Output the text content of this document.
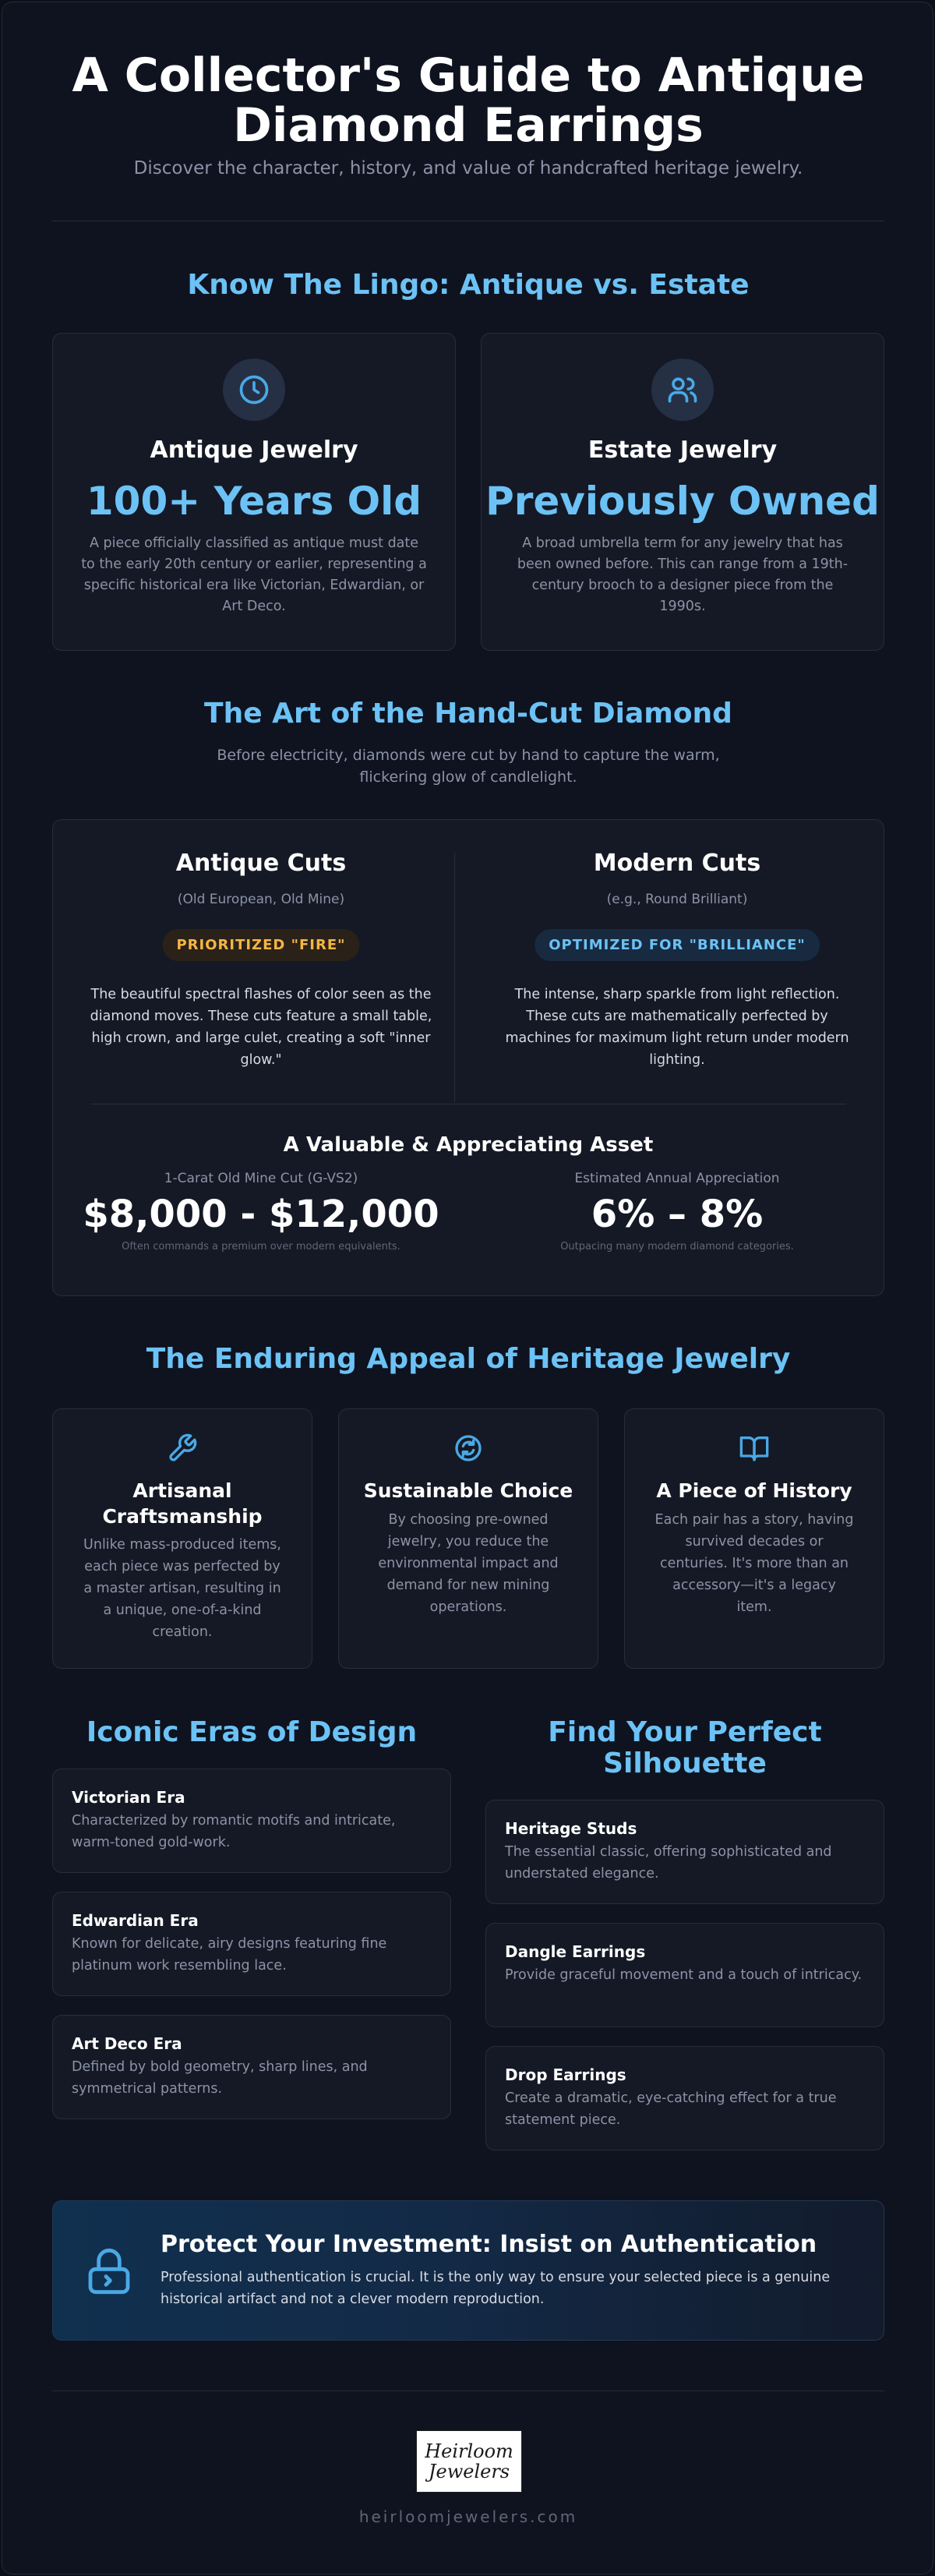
A Collector's Guide to Antique
Diamond Earrings
Discover the character, history, and value of handcrafted heritage jewelry.
Know The Lingo: Antique vs. Estate
Antique Jewelry
100+ Years Old
A piece officially classified as antique must date to the early 20th century or earlier, representing a specific historical era like Victorian, Edwardian, or Art Deco.
Estate Jewelry
Previously Owned
A broad umbrella term for any jewelry that has been owned before. This can range from a 19th-century brooch to a designer piece from the 1990s.
The Art of the Hand-Cut Diamond
Before electricity, diamonds were cut by hand to capture the warm,
flickering glow of candlelight.
Antique Cuts
(Old European, Old Mine)
PRIORITIZED "FIRE"
The beautiful spectral flashes of color seen as the diamond moves. These cuts feature a small table, high crown, and large culet, creating a soft "inner glow."
Modern Cuts
(e.g., Round Brilliant)
OPTIMIZED FOR "BRILLIANCE"
The intense, sharp sparkle from light reflection. These cuts are mathematically perfected by machines for maximum light return under modern lighting.
A Valuable & Appreciating Asset
1-Carat Old Mine Cut (G-VS2)
$8,000 - $12,000
Often commands a premium over modern equivalents.
Estimated Annual Appreciation
6% – 8%
Outpacing many modern diamond categories.
The Enduring Appeal of Heritage Jewelry
Artisanal
Craftsmanship
Unlike mass-produced items, each piece was perfected by a master artisan, resulting in a unique, one-of-a-kind creation.
Sustainable Choice
By choosing pre-owned jewelry, you reduce the environmental impact and demand for new mining operations.
A Piece of History
Each pair has a story, having survived decades or centuries. It's more than an accessory—it's a legacy item.
Iconic Eras of Design
Victorian Era
Characterized by romantic motifs and intricate, warm-toned gold-work.
Edwardian Era
Known for delicate, airy designs featuring fine platinum work resembling lace.
Art Deco Era
Defined by bold geometry, sharp lines, and symmetrical patterns.
Find Your Perfect
Silhouette
Heritage Studs
The essential classic, offering sophisticated and understated elegance.
Dangle Earrings
Provide graceful movement and a touch of intricacy.
Drop Earrings
Create a dramatic, eye-catching effect for a true statement piece.
Protect Your Investment: Insist on Authentication
Professional authentication is crucial. It is the only way to ensure your selected piece is a genuine historical artifact and not a clever modern reproduction.
Heirloom
Jewelers
heirloomjewelers.com
